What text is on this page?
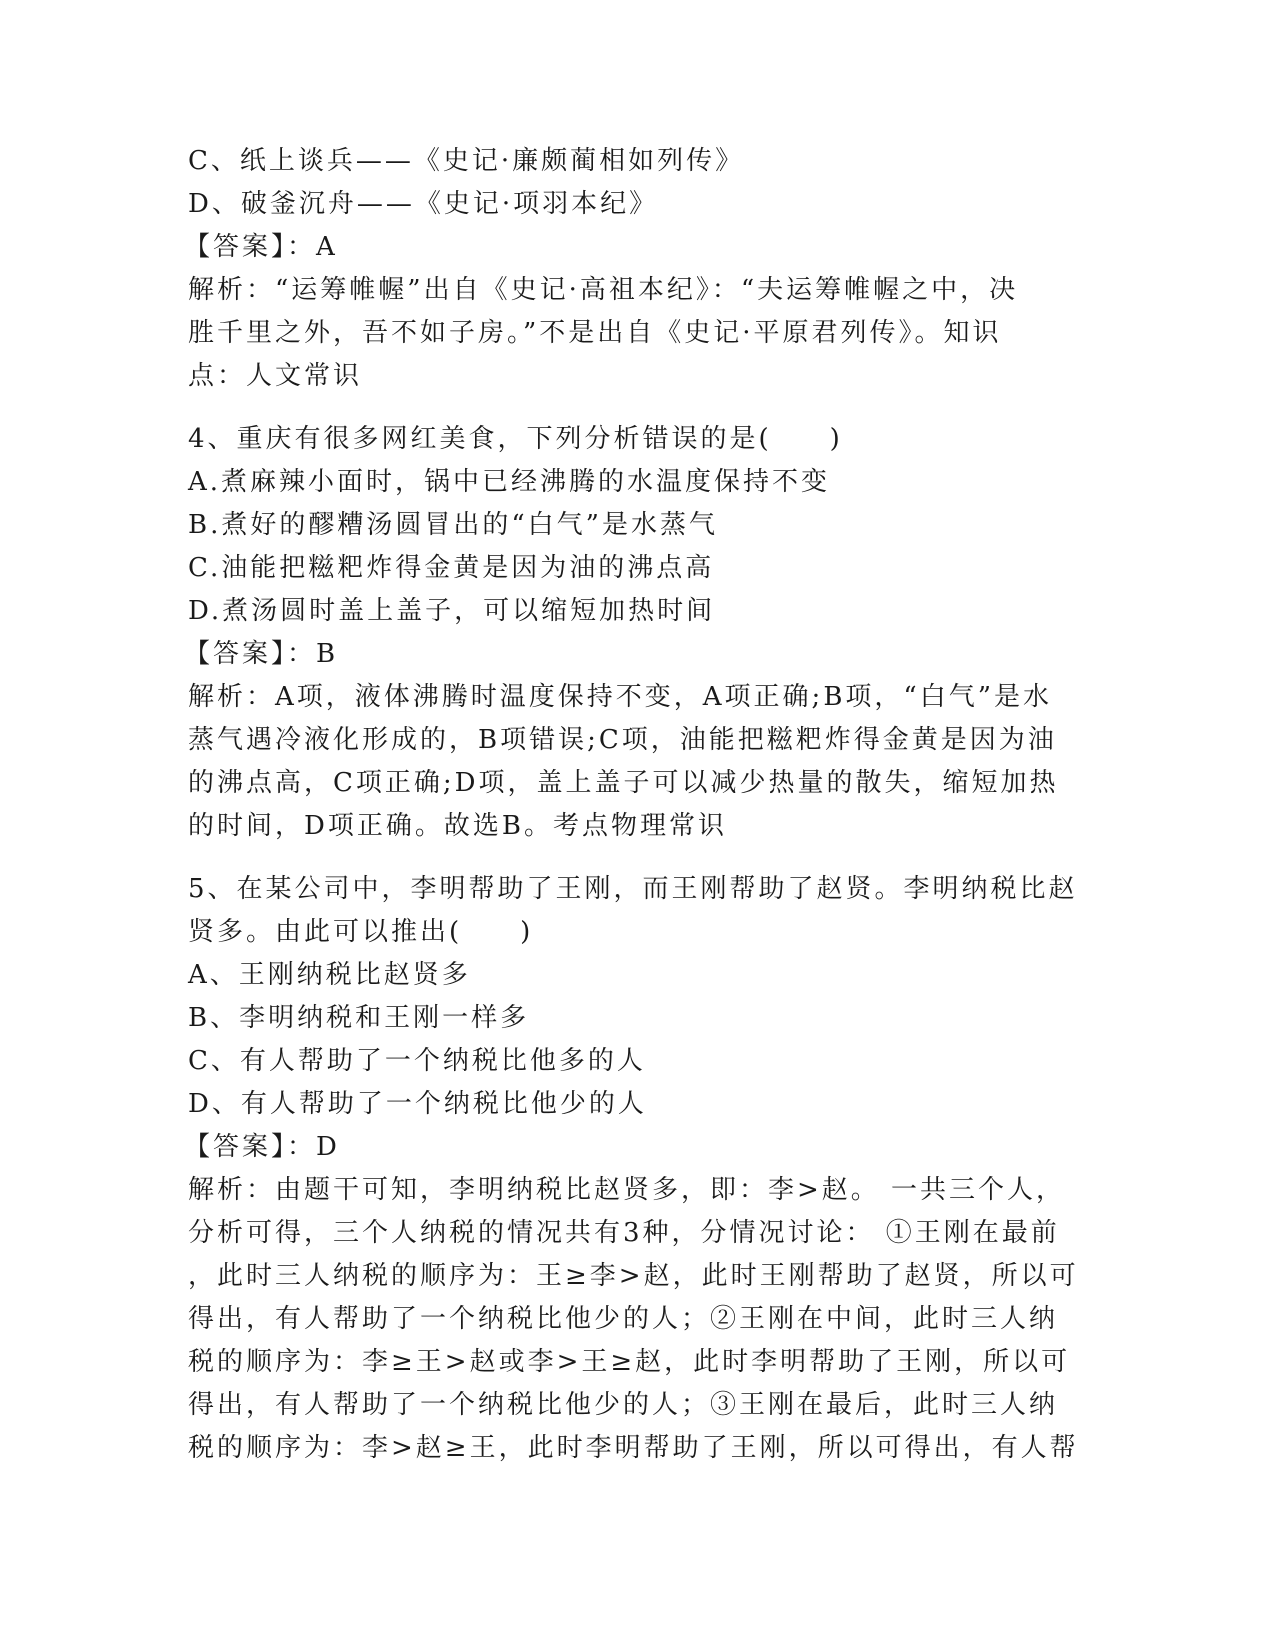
C、纸上谈兵——《史记·廉颇蔺相如列传》
D、破釜沉舟——《史记·项羽本纪》
【答案】：A
解析：“运筹帷幄”出自《史记·高祖本纪》：“夫运筹帷幄之中，决
胜千里之外，吾不如子房。”不是出自《史记·平原君列传》。知识
点：人文常识
4、重庆有很多网红美食，下列分析错误的是(　　)
A.煮麻辣小面时，锅中已经沸腾的水温度保持不变
B.煮好的醪糟汤圆冒出的“白气”是水蒸气
C.油能把糍粑炸得金黄是因为油的沸点高
D.煮汤圆时盖上盖子，可以缩短加热时间
【答案】：B
解析：A项，液体沸腾时温度保持不变，A项正确;B项，“白气”是水
蒸气遇冷液化形成的，B项错误;C项，油能把糍粑炸得金黄是因为油
的沸点高，C项正确;D项，盖上盖子可以减少热量的散失，缩短加热
的时间，D项正确。故选B。考点物理常识
5、在某公司中，李明帮助了王刚，而王刚帮助了赵贤。李明纳税比赵
贤多。由此可以推出(　　)
A、王刚纳税比赵贤多
B、李明纳税和王刚一样多
C、有人帮助了一个纳税比他多的人
D、有人帮助了一个纳税比他少的人
【答案】：D
解析：由题干可知，李明纳税比赵贤多，即：李>赵。 一共三个人，
分析可得，三个人纳税的情况共有3种，分情况讨论： ①王刚在最前
，此时三人纳税的顺序为：王≥李>赵，此时王刚帮助了赵贤，所以可
得出，有人帮助了一个纳税比他少的人；②王刚在中间，此时三人纳
税的顺序为：李≥王>赵或李>王≥赵，此时李明帮助了王刚，所以可
得出，有人帮助了一个纳税比他少的人；③王刚在最后，此时三人纳
税的顺序为：李>赵≥王，此时李明帮助了王刚，所以可得出，有人帮
